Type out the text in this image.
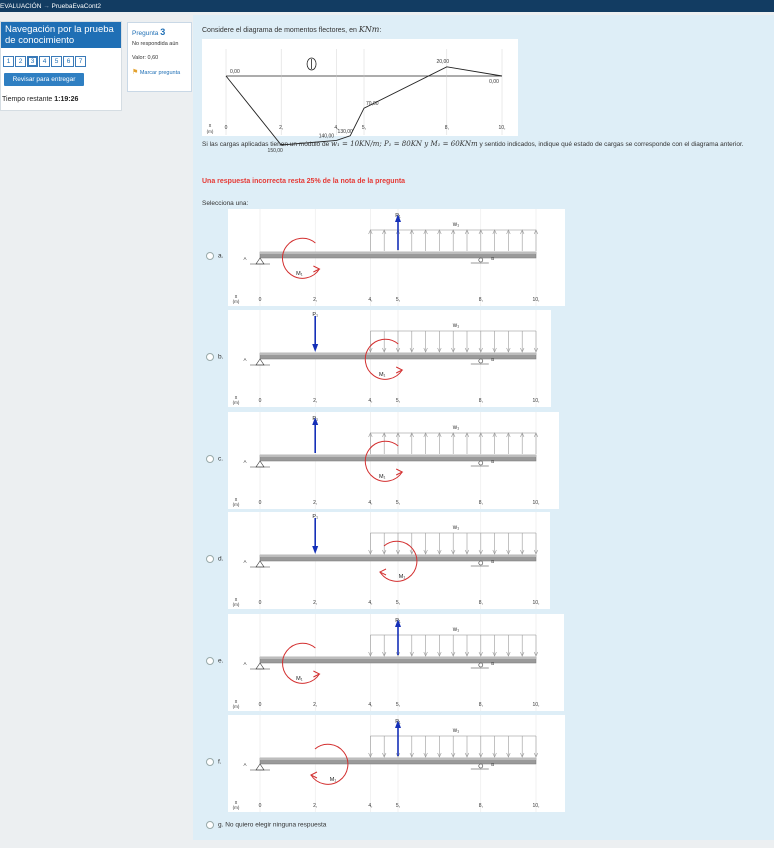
EVALUACIÓN → PruebaEvaCont2
Navegación por la prueba de conocimiento
1 2 3 4 5 6 7
Revisar para entregar
Tiempo restante 1:19:26
Pregunta 3
No respondida aún
Valor: 0,60
⚑ Marcar pregunta
Considere el diagrama de momentos flectores, en KNm:
0,00
150,00
140,00
130,00
70,00
20,00
0,00
x
(m)
0	2,	4,	5,	8,	10,
Si las cargas aplicadas tienen un módulo de w₁ = 10KN/m; P₁ = 80KN y M₁ = 60KNm y sentido indicados, indique qué estado de cargas se corresponde con el diagrama anterior.
Una respuesta incorrecta resta 25% de la nota de la pregunta
Selecciona una:
a.
w₁
A	B
P₁
M₁
x
(m)	0	2,	4,	5,	8,	10,
b.
w₁
A	B
P₁
M₁
x
(m)	0	2,	4,	5,	8,	10,
c.
w₁
A	B
P₁
M₁
x
(m)	0	2,	4,	5,	8,	10,
d.
w₁
A	B
P₁
M₁
x
(m)	0	2,	4,	5,	8,	10,
e.
w₁
A	B
P₁
M₁
x
(m)	0	2,	4,	5,	8,	10,
f.
w₁
A	B
P₁
M₁
x
(m)	0	2,	4,	5,	8,	10,
g. No quiero elegir ninguna respuesta
